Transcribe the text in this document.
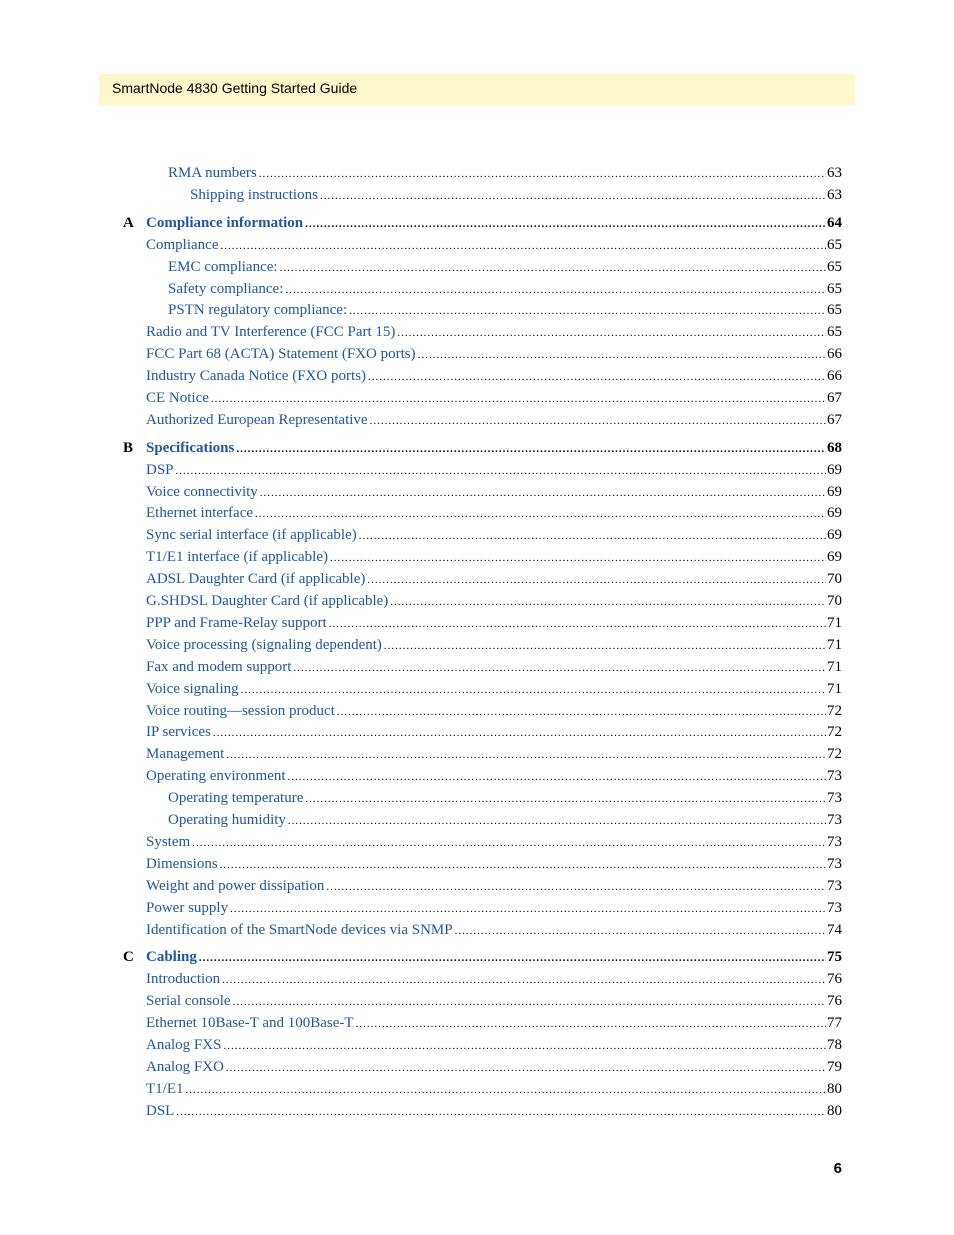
SmartNode 4830 Getting Started Guide
RMA numbers .....	63
Shipping instructions .....	63
A Compliance information .....	64
Compliance .....	65
EMC compliance: .....	65
Safety compliance: .....	65
PSTN regulatory compliance: .....	65
Radio and TV Interference (FCC Part 15) .....	65
FCC Part 68 (ACTA) Statement (FXO ports) .....	66
Industry Canada Notice (FXO ports) .....	66
CE Notice .....	67
Authorized European Representative .....	67
B Specifications .....	68
DSP .....	69
Voice connectivity .....	69
Ethernet interface .....	69
Sync serial interface (if applicable) .....	69
T1/E1 interface (if applicable) .....	69
ADSL Daughter Card (if applicable) .....	70
G.SHDSL Daughter Card (if applicable) .....	70
PPP and Frame-Relay support .....	71
Voice processing (signaling dependent) .....	71
Fax and modem support .....	71
Voice signaling .....	71
Voice routing—session product .....	72
IP services .....	72
Management .....	72
Operating environment .....	73
Operating temperature .....	73
Operating humidity .....	73
System .....	73
Dimensions .....	73
Weight and power dissipation .....	73
Power supply .....	73
Identification of the SmartNode devices via SNMP .....	74
C Cabling .....	75
Introduction .....	76
Serial console .....	76
Ethernet 10Base-T and 100Base-T .....	77
Analog FXS .....	78
Analog FXO .....	79
T1/E1 .....	80
DSL .....	80
6
